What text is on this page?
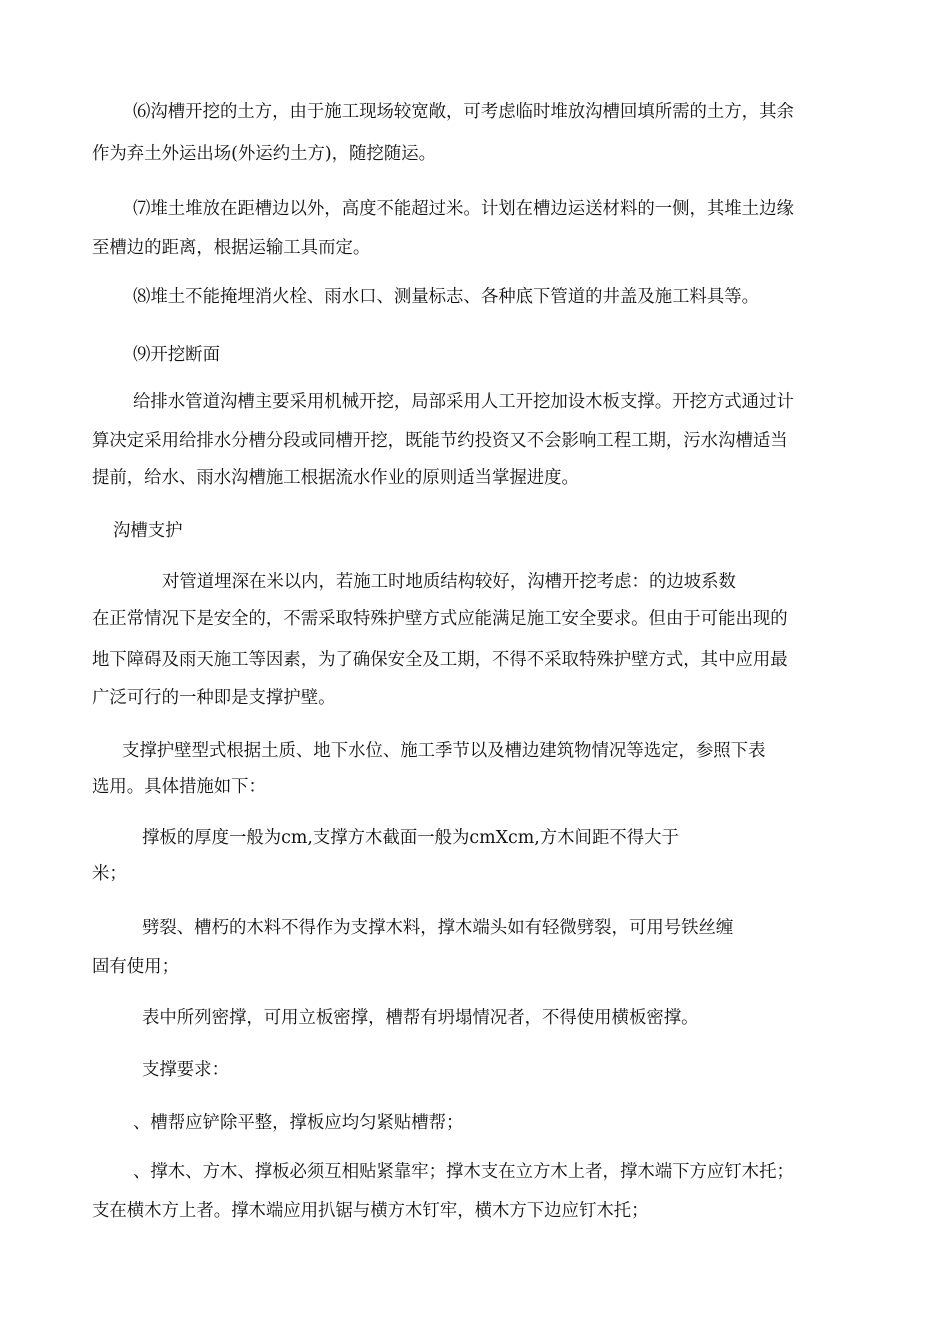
⑹沟槽开挖的土方，由于施工现场较宽敞，可考虑临时堆放沟槽回填所需的土方，其余
作为弃土外运出场(外运约土方)，随挖随运。
⑺堆土堆放在距槽边以外，高度不能超过米。计划在槽边运送材料的一侧，其堆土边缘
至槽边的距离，根据运输工具而定。
⑻堆土不能掩埋消火栓、雨水口、测量标志、各种底下管道的井盖及施工料具等。
⑼开挖断面
给排水管道沟槽主要采用机械开挖，局部采用人工开挖加设木板支撑。开挖方式通过计
算决定采用给排水分槽分段或同槽开挖，既能节约投资又不会影响工程工期，污水沟槽适当
提前，给水、雨水沟槽施工根据流水作业的原则适当掌握进度。
沟槽支护
对管道埋深在米以内，若施工时地质结构较好，沟槽开挖考虑：的边坡系数
在正常情况下是安全的，不需采取特殊护壁方式应能满足施工安全要求。但由于可能出现的
地下障碍及雨天施工等因素，为了确保安全及工期，不得不采取特殊护壁方式，其中应用最
广泛可行的一种即是支撑护壁。
支撑护壁型式根据土质、地下水位、施工季节以及槽边建筑物情况等选定，参照下表
选用。具体措施如下：
撑板的厚度一般为cm,支撑方木截面一般为cmXcm,方木间距不得大于
米；
劈裂、槽朽的木料不得作为支撑木料，撑木端头如有轻微劈裂，可用号铁丝缠
固有使用；
表中所列密撑，可用立板密撑，槽帮有坍塌情况者，不得使用横板密撑。
支撑要求：
、槽帮应铲除平整，撑板应均匀紧贴槽帮；
、撑木、方木、撑板必须互相贴紧靠牢；撑木支在立方木上者，撑木端下方应钉木托；
支在横木方上者。撑木端应用扒锯与横方木钉牢，横木方下边应钉木托；
